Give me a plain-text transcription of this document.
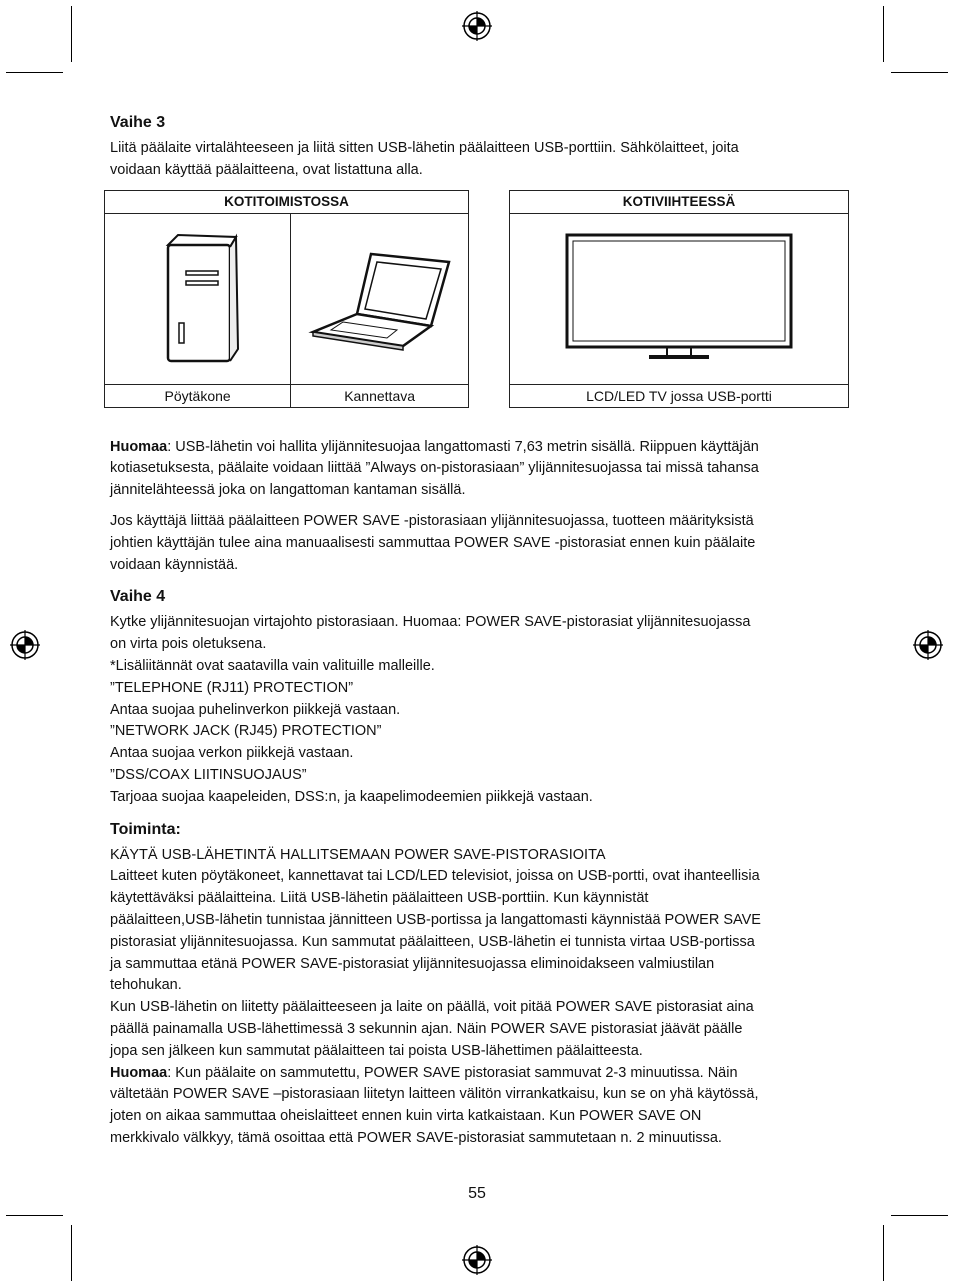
Vaihe 3

Liitä päälaite virtalähteeseen ja liitä sitten USB-lähetin päälaitteen USB-porttiin. Sähkölaitteet, joita
voidaan käyttää päälaitteena, ovat listattuna alla.

KOTITOIMISTOSSA	

Pöytäkone	Kannettava
KOTIVIIHTEESSÄ

LCD/LED TV jossa USB-portti

Huomaa: USB-lähetin voi hallita ylijännitesuojaa langattomasti 7,63 metrin sisällä. Riippuen käyttäjän
kotiasetuksesta, päälaite voidaan liittää ”Always on-pistorasiaan” ylijännitesuojassa tai missä tahansa
jännitelähteessä joka on langattoman kantaman sisällä.

Jos käyttäjä liittää päälaitteen POWER SAVE -pistorasiaan ylijännitesuojassa, tuotteen määrityksistä
johtien käyttäjän tulee aina manuaalisesti sammuttaa POWER SAVE -pistorasiat ennen kuin päälaite
voidaan käynnistää.

Vaihe 4

Kytke ylijännitesuojan virtajohto pistorasiaan. Huomaa: POWER SAVE-pistorasiat ylijännitesuojassa
on virta pois oletuksena.
*Lisäliitännät ovat saatavilla vain valituille malleille.
”TELEPHONE (RJ11) PROTECTION”
Antaa suojaa puhelinverkon piikkejä vastaan.
”NETWORK JACK (RJ45) PROTECTION”
Antaa suojaa verkon piikkejä vastaan.
”DSS/COAX LIITINSUOJAUS”
Tarjoaa suojaa kaapeleiden, DSS:n, ja kaapelimodeemien piikkejä vastaan.

Toiminta:

KÄYTÄ USB-LÄHETINTÄ HALLITSEMAAN POWER SAVE-PISTORASIOITA
Laitteet kuten pöytäkoneet, kannettavat tai LCD/LED televisiot, joissa on USB-portti, ovat ihanteellisia
käytettäväksi päälaitteina. Liitä USB-lähetin päälaitteen USB-porttiin. Kun käynnistät
päälaitteen,USB-lähetin tunnistaa jännitteen USB-portissa ja langattomasti käynnistää POWER SAVE
pistorasiat ylijännitesuojassa. Kun sammutat päälaitteen, USB-lähetin ei tunnista virtaa USB-portissa
ja sammuttaa etänä POWER SAVE-pistorasiat ylijännitesuojassa eliminoidakseen valmiustilan
tehohukan.
Kun USB-lähetin on liitetty päälaitteeseen ja laite on päällä, voit pitää POWER SAVE pistorasiat aina
päällä painamalla USB-lähettimessä 3 sekunnin ajan. Näin POWER SAVE pistorasiat jäävät päälle
jopa sen jälkeen kun sammutat päälaitteen tai poista USB-lähettimen päälaitteesta.
Huomaa: Kun päälaite on sammutettu, POWER SAVE pistorasiat sammuvat 2-3 minuutissa. Näin
vältetään POWER SAVE –pistorasiaan liitetyn laitteen välitön virrankatkaisu, kun se on yhä käytössä,
joten on aikaa sammuttaa oheislaitteet ennen kuin virta katkaistaan. Kun POWER SAVE ON
merkkivalo välkkyy, tämä osoittaa että POWER SAVE-pistorasiat sammutetaan n. 2 minuutissa.

55
